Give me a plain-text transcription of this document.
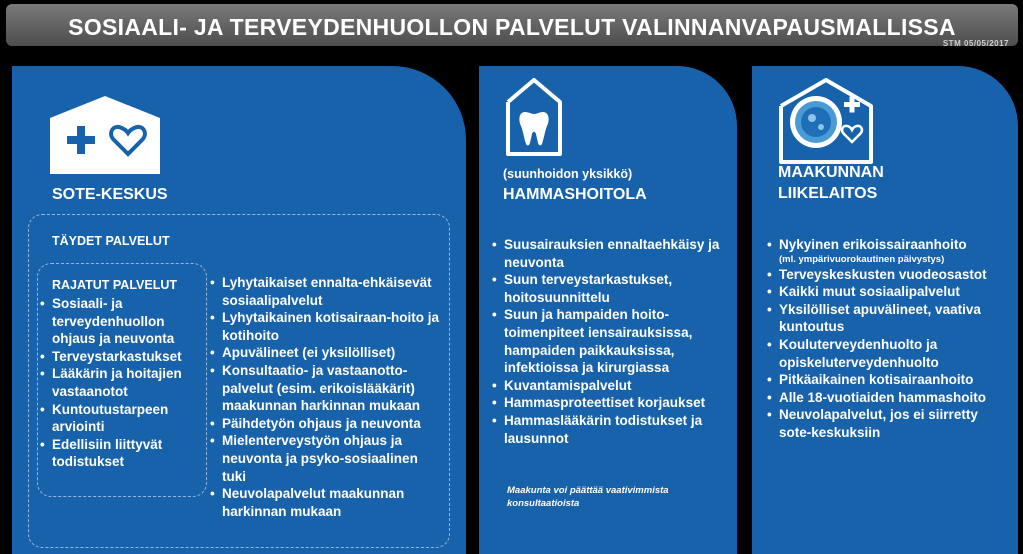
SOSIAALI- JA TERVEYDENHUOLLON PALVELUT VALINNANVAPAUSMALLISSA
STM 05/05/2017
SOTE-KESKUS
TÄYDET PALVELUT
RAJATUT PALVELUT
• Sosiaali- ja terveydenhuollon ohjaus ja neuvonta
• Terveystarkastukset
• Lääkärin ja hoitajien vastaanotot
• Kuntoutustarpeen arviointi
• Edellisiin liittyvät todistukset
• Lyhytaikaiset ennalta-ehkäisevät sosiaalipalvelut
• Lyhytaikainen kotisairaan-hoito ja kotihoito
• Apuvälineet (ei yksilölliset)
• Konsultaatio- ja vastaanotto-palvelut (esim. erikoislääkärit) maakunnan harkinnan mukaan
• Päihdetyön ohjaus ja neuvonta
• Mielenterveystyön ohjaus ja neuvonta ja psyko-sosiaalinen tuki
• Neuvolapalvelut maakunnan harkinnan mukaan
(suunhoidon yksikkö)
HAMMASHOITOLA
• Suusairauksien ennaltaehkäisy ja neuvonta
• Suun terveystarkastukset, hoitosuunnittelu
• Suun ja hampaiden hoito-toimenpiteet iensairauksissa, hampaiden paikkauksissa, infektioissa ja kirurgiassa
• Kuvantamispalvelut
• Hammasproteettiset korjaukset
• Hammaslääkärin todistukset ja lausunnot
Maakunta voi päättää vaativimmista konsultaatioista
MAAKUNNAN
LIIKELAITOS
• Nykyinen erikoissairaanhoito
(ml. ympärivuorokautinen päivystys)
• Terveyskeskusten vuodeosastot
• Kaikki muut sosiaalipalvelut
• Yksilölliset apuvälineet, vaativa kuntoutus
• Kouluterveydenhuolto ja opiskeluterveydenhuolto
• Pitkäaikainen kotisairaanhoito
• Alle 18-vuotiaiden hammashoito
• Neuvolapalvelut, jos ei siirretty sote-keskuksiin
